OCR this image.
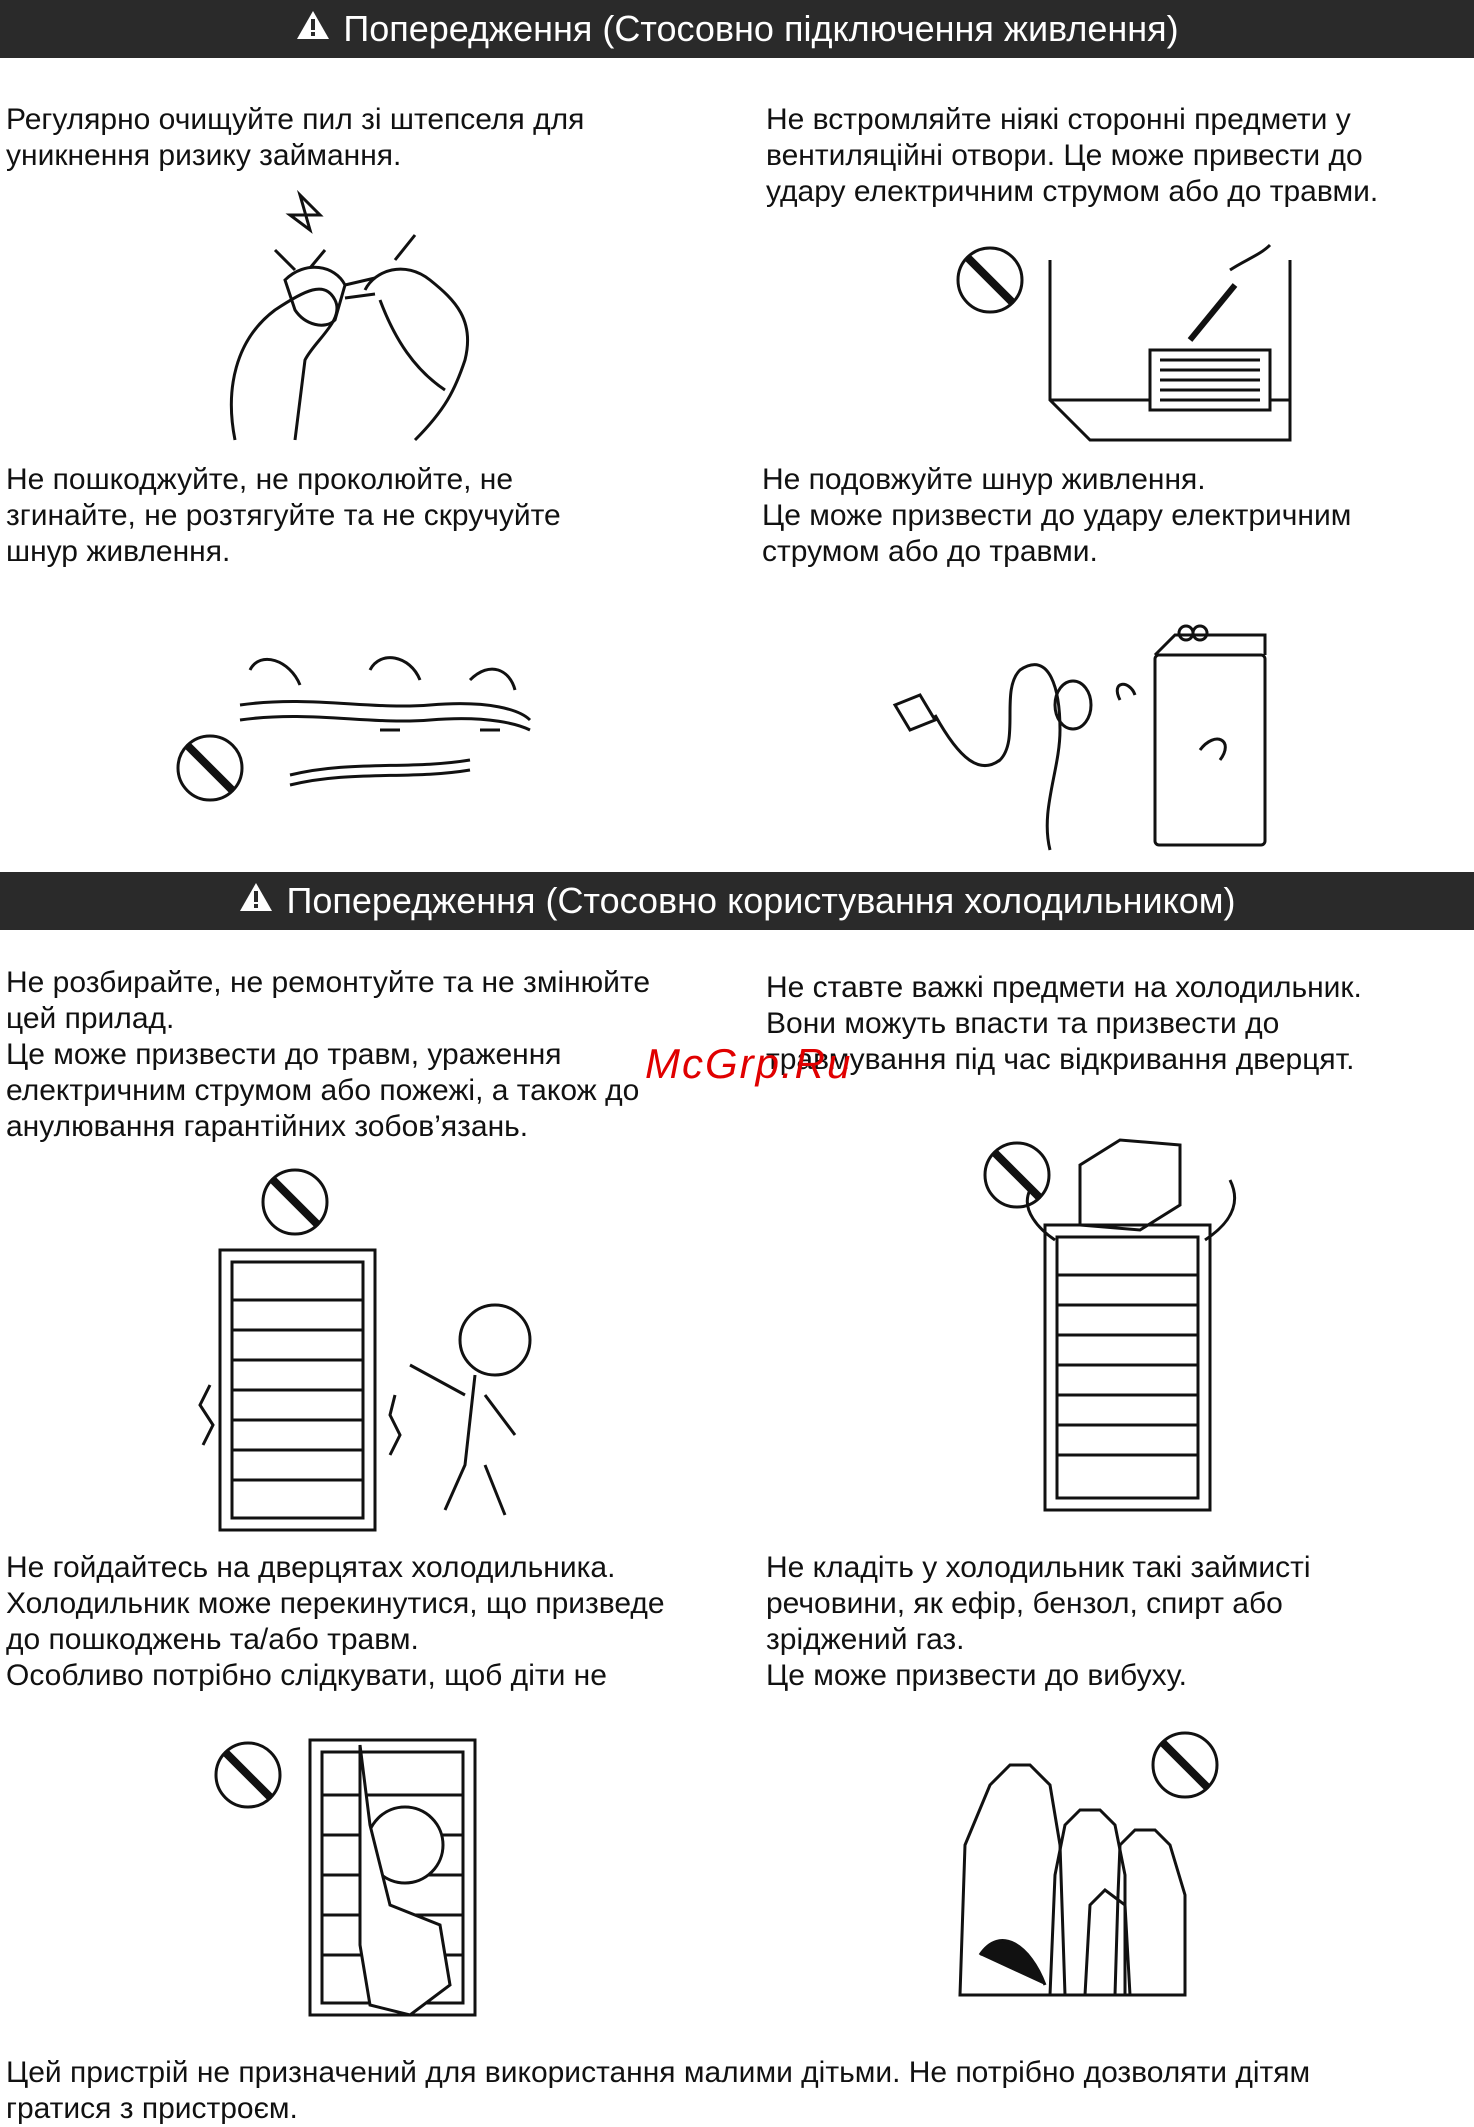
Попередження (Стосовно підключення живлення)
Регулярно очищуйте пил зі штепселя для
уникнення ризику займання.
Не встромляйте ніякі сторонні предмети у
вентиляційні отвори. Це може привести до
удару електричним струмом або до травми.
Не пошкоджуйте, не проколюйте, не
згинайте, не розтягуйте та не скручуйте
шнур живлення.
Не подовжуйте шнур живлення.
Це може призвести до удару електричним
струмом або до травми.
Попередження (Стосовно користування холодильником)
Не розбирайте, не ремонтуйте та не змінюйте
цей прилад.
Це може призвести до травм, ураження
електричним струмом або пожежі, а також до
анулювання гарантійних зобов’язань.
Не ставте важкі предмети на холодильник.
Вони можуть впасти та призвести до
травмування під час відкривання дверцят.
McGrp.Ru
Не гойдайтесь на дверцятах холодильника.
Холодильник може перекинутися, що призведе
до пошкоджень та/або травм.
Особливо потрібно слідкувати, щоб діти не
Не кладіть у холодильник такі займисті
речовини, як ефір, бензол, спирт або
зріджений газ.
Це може призвести до вибуху.
Цей пристрій не призначений для використання малими дітьми. Не потрібно дозволяти дітям
гратися з пристроєм.
